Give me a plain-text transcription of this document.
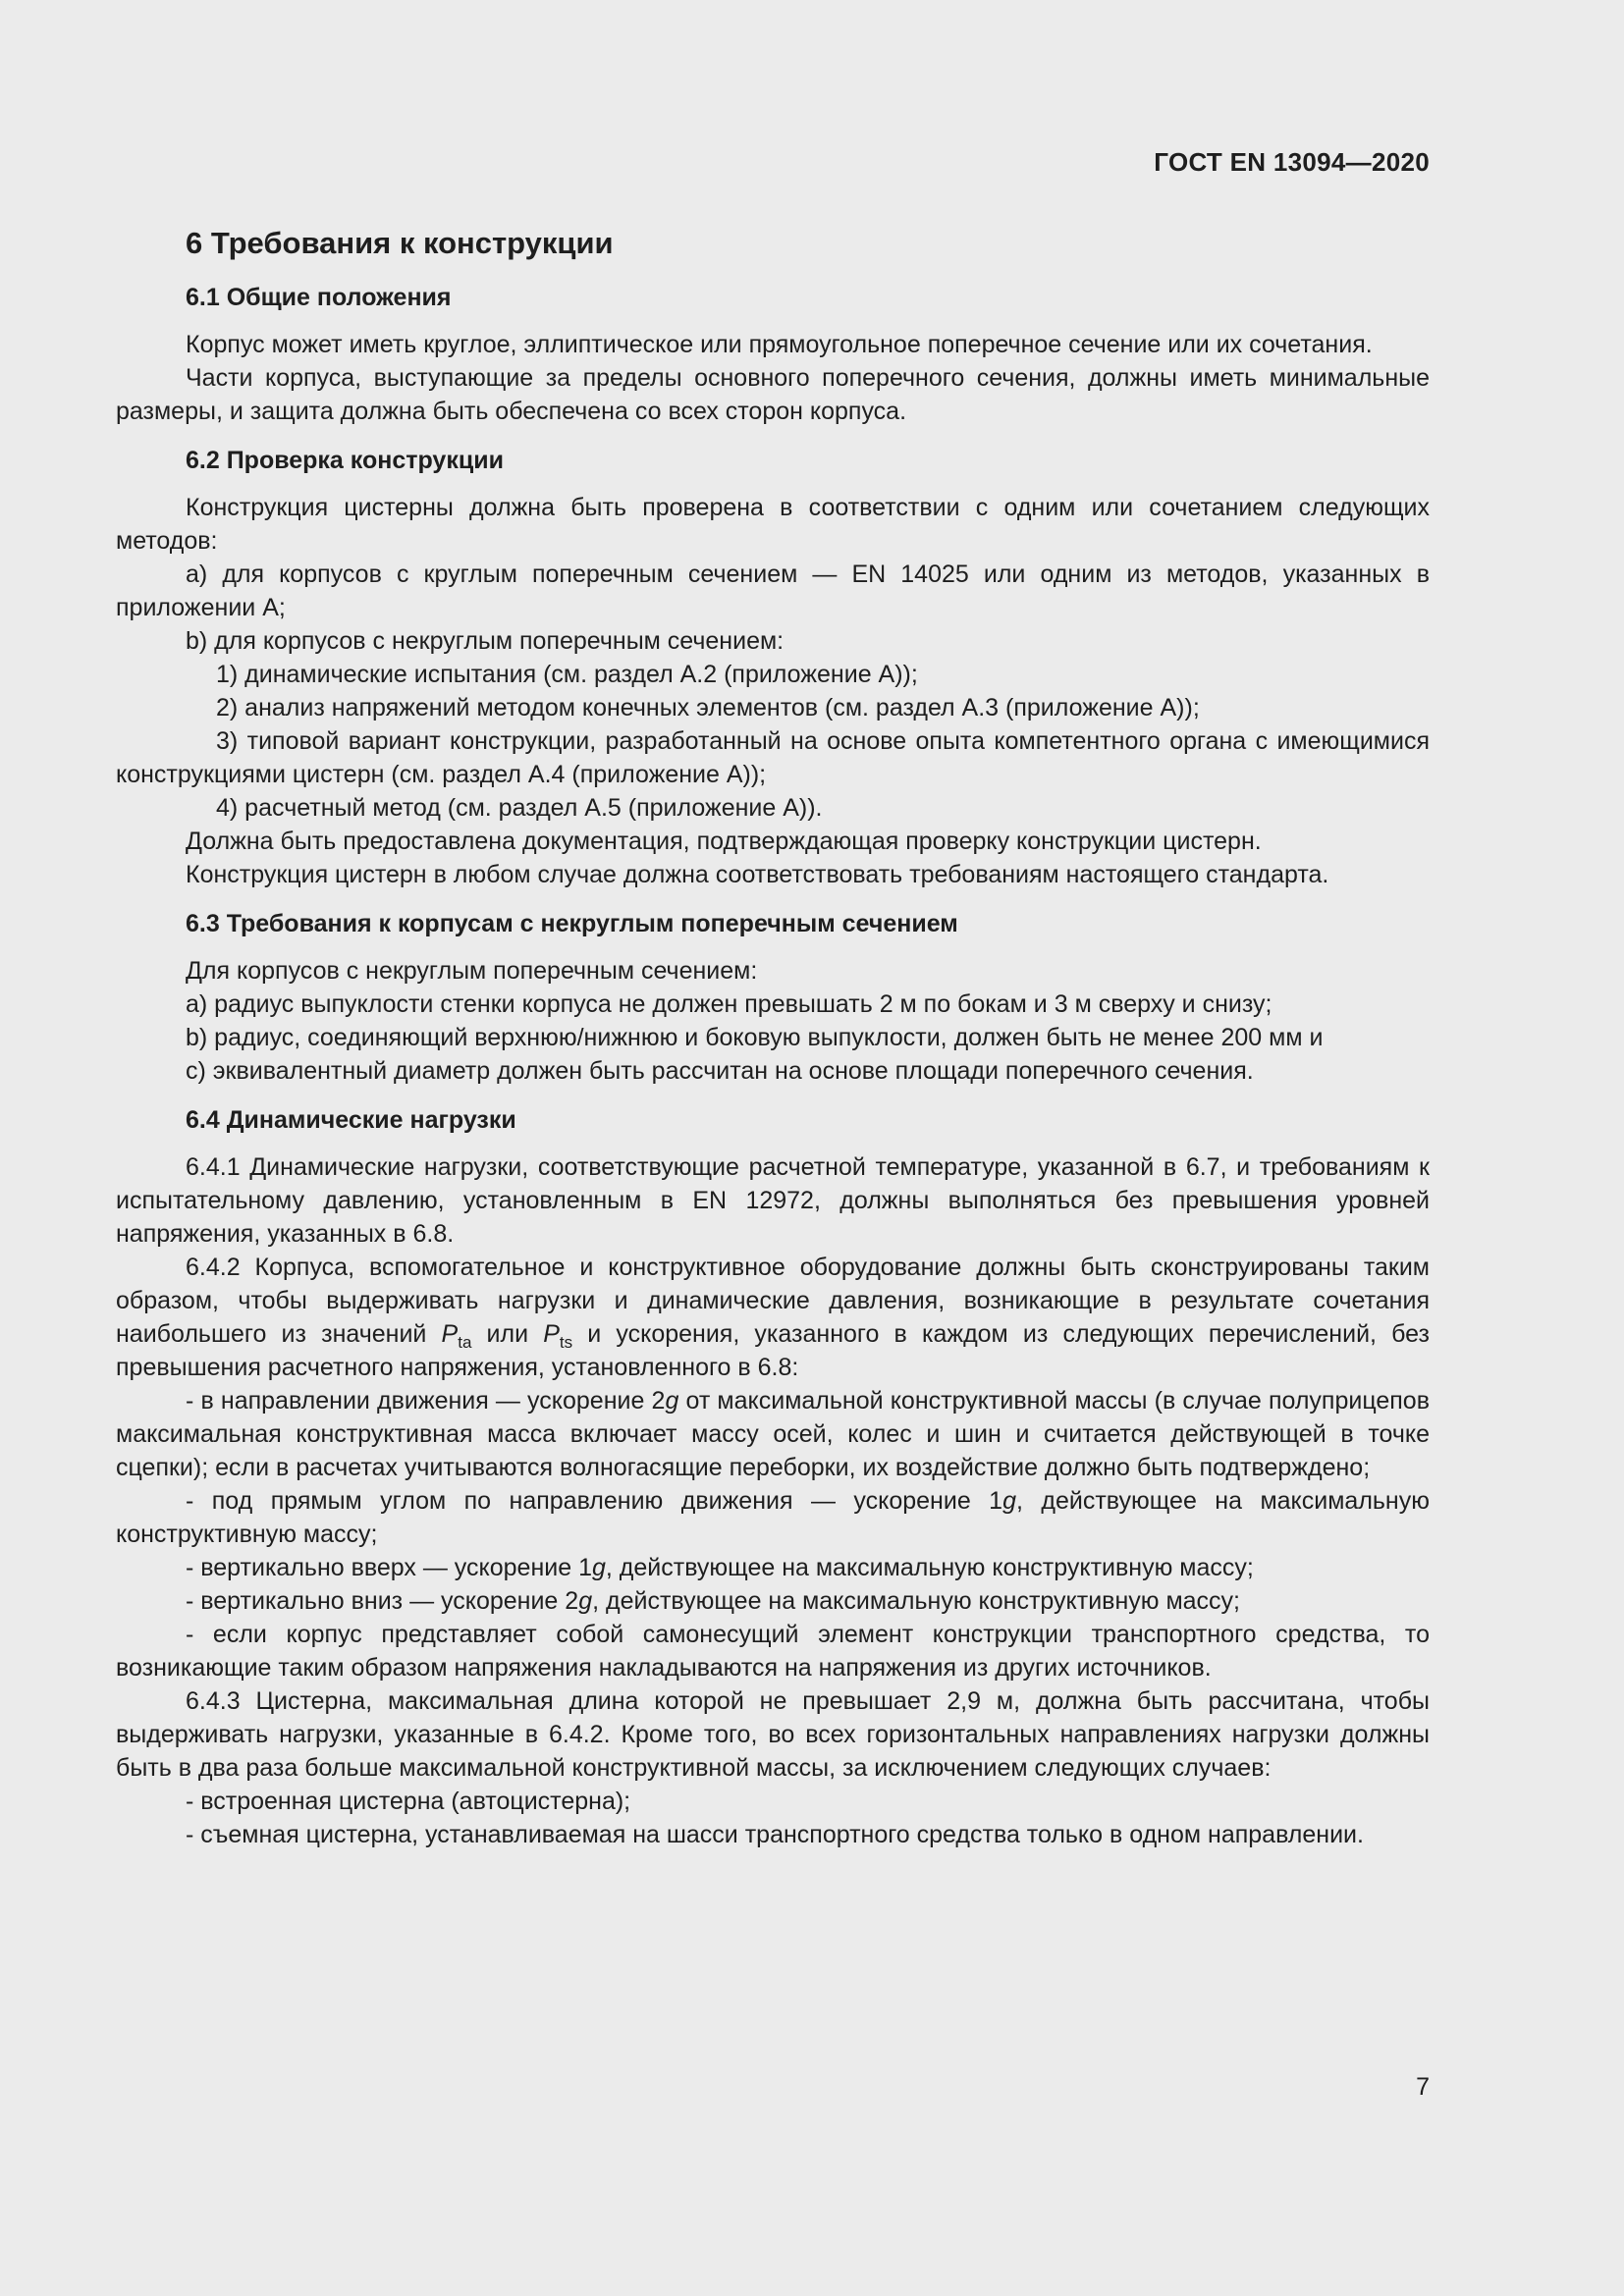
ГОСТ EN 13094—2020
6 Требования к конструкции
6.1 Общие положения

Корпус может иметь круглое, эллиптическое или прямоугольное поперечное сечение или их сочетания.

Части корпуса, выступающие за пределы основного поперечного сечения, должны иметь минимальные размеры, и защита должна быть обеспечена со всех сторон корпуса.

6.2 Проверка конструкции

Конструкция цистерны должна быть проверена в соответствии с одним или сочетанием следующих методов:

a) для корпусов с круглым поперечным сечением — EN 14025 или одним из методов, указанных в приложении А;

b) для корпусов с некруглым поперечным сечением:

1) динамические испытания (см. раздел А.2 (приложение А));

2) анализ напряжений методом конечных элементов (см. раздел А.3 (приложение А));

3) типовой вариант конструкции, разработанный на основе опыта компетентного органа с имеющимися конструкциями цистерн (см. раздел А.4 (приложение А));

4) расчетный метод (см. раздел А.5 (приложение А)).

Должна быть предоставлена документация, подтверждающая проверку конструкции цистерн.

Конструкция цистерн в любом случае должна соответствовать требованиям настоящего стандарта.

6.3 Требования к корпусам с некруглым поперечным сечением

Для корпусов с некруглым поперечным сечением:

a) радиус выпуклости стенки корпуса не должен превышать 2 м по бокам и 3 м сверху и снизу;

b) радиус, соединяющий верхнюю/нижнюю и боковую выпуклости, должен быть не менее 200 мм и

c) эквивалентный диаметр должен быть рассчитан на основе площади поперечного сечения.

6.4 Динамические нагрузки

6.4.1 Динамические нагрузки, соответствующие расчетной температуре, указанной в 6.7, и требованиям к испытательному давлению, установленным в EN 12972, должны выполняться без превышения уровней напряжения, указанных в 6.8.

6.4.2 Корпуса, вспомогательное и конструктивное оборудование должны быть сконструированы таким образом, чтобы выдерживать нагрузки и динамические давления, возникающие в результате сочетания наибольшего из значений $P_{ta}$ или $P_{ts}$ и ускорения, указанного в каждом из следующих перечислений, без превышения расчетного напряжения, установленного в 6.8:

- в направлении движения — ускорение 2g от максимальной конструктивной массы (в случае полуприцепов максимальная конструктивная масса включает массу осей, колес и шин и считается действующей в точке сцепки); если в расчетах учитываются волногасящие переборки, их воздействие должно быть подтверждено;

- под прямым углом по направлению движения — ускорение 1g, действующее на максимальную конструктивную массу;

- вертикально вверх — ускорение 1g, действующее на максимальную конструктивную массу;

- вертикально вниз — ускорение 2g, действующее на максимальную конструктивную массу;

- если корпус представляет собой самонесущий элемент конструкции транспортного средства, то возникающие таким образом напряжения накладываются на напряжения из других источников.

6.4.3 Цистерна, максимальная длина которой не превышает 2,9 м, должна быть рассчитана, чтобы выдерживать нагрузки, указанные в 6.4.2. Кроме того, во всех горизонтальных направлениях нагрузки должны быть в два раза больше максимальной конструктивной массы, за исключением следующих случаев:

- встроенная цистерна (автоцистерна);

- съемная цистерна, устанавливаемая на шасси транспортного средства только в одном направлении.

7
